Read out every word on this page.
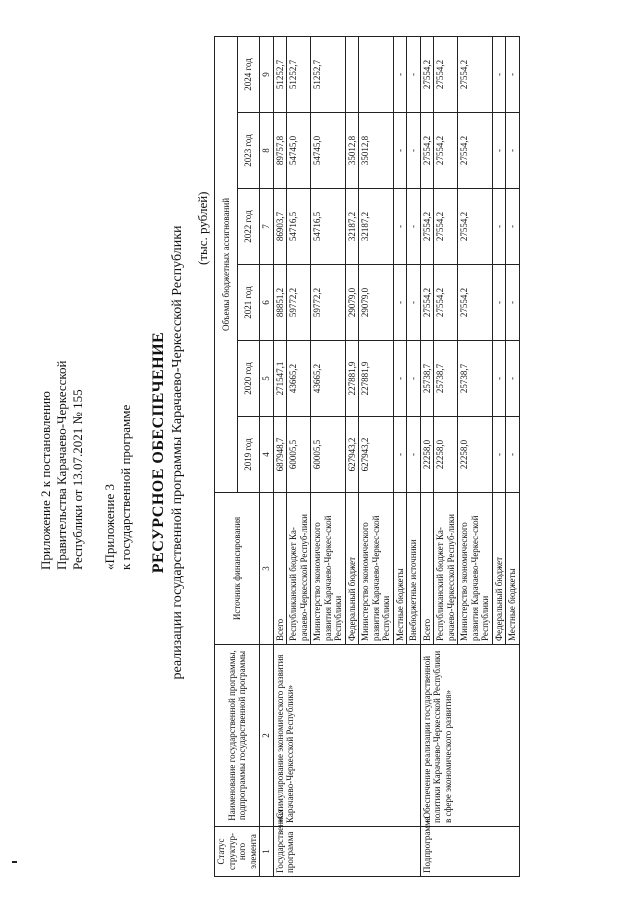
Приложение 2 к постановлению Правительства Карачаево-Черкесской Республики от 13.07.2021 № 155 «Приложение 3 к государственной программе РЕСУРСНОЕ ОБЕСПЕЧЕНИЕ реализации государственной программы Карачаево-Черкесской Республики (тыс. рублей)
Статус структур-ного элемента	Наименование государственной программы, подпрограммы государственной программы	Источник финансирования	Объемы бюджетных ассигнований					
			2019 год	2020 год	2021 год	2022 год	2023 год	2024 год
1	2	3	4	5	6	7	8	9
Государственная программа	«Стимулирование экономического развития Карачаево-Черкесской Республики»	Всего	687948,7	271547,1	88851,2	86903,7	89757,8	51252,7
		Республиканский бюджет Ка-рачаево-Черкесской Респуб-лики	60005,5	43665,2	59772,2	54716,5	54745,0	51252,7
		Министерство экономического развития Карачаево-Черкес-ской Республики	60005,5	43665,2	59772,2	54716,5	54745,0	51252,7
		Федеральный бюджет	627943,2	227881,9	29079,0	32187,2	35012,8	
		Министерство экономического развития Карачаево-Черкес-ской Республики	627943,2	227881,9	29079,0	32187,2	35012,8	
		Местные бюджеты	-	-	-	-	-	-
		Внебюджетные источники	-	-	-	-	-	-
Подпрограмма	«Обеспечение реализации государственной политики Карачаево-Черкесской Республики в сфере экономического развития»	Всего	22258,0	25738,7	27554,2	27554,2	27554,2	27554,2
		Республиканский бюджет Ка-рачаево-Черкесской Респуб-лики	22258,0	25738,7	27554,2	27554,2	27554,2	27554,2
		Министерство экономического развития Карачаево-Черкес-ской Республики	22258,0	25738,7	27554,2	27554,2	27554,2	27554,2
		Федеральный бюджет	-	-	-	-	-	-
		Местные бюджеты	-	-	-	-	-	-
